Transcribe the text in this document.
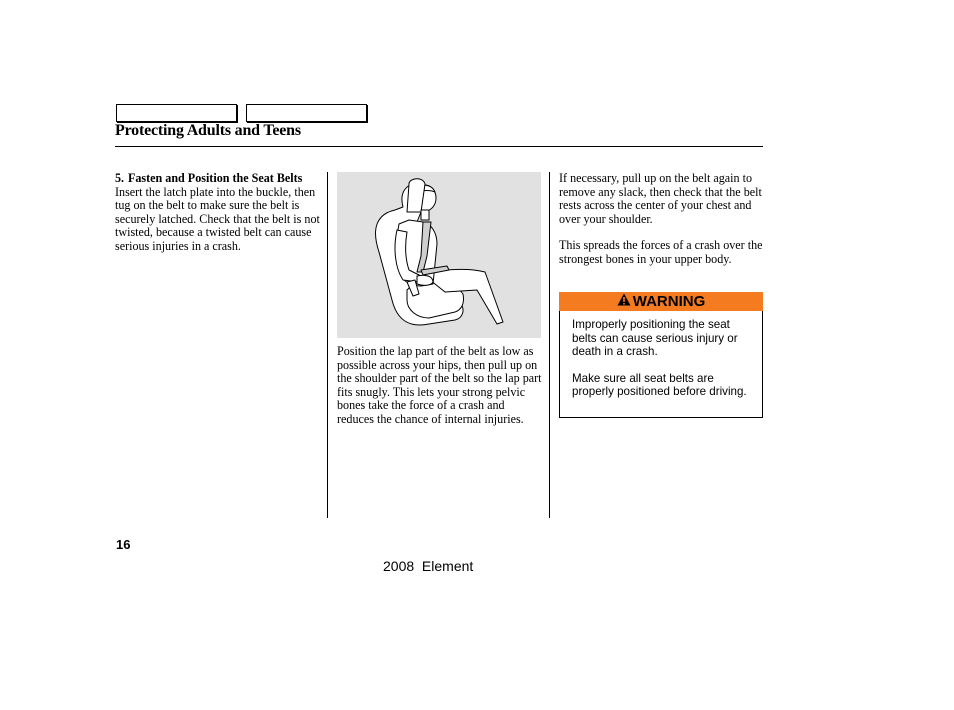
Protecting Adults and Teens
5. Fasten and Position the Seat Belts
Insert the latch plate into the buckle, then tug on the belt to make sure the belt is securely latched. Check that the belt is not twisted, because a twisted belt can cause serious injuries in a crash.
Position the lap part of the belt as low as possible across your hips, then pull up on the shoulder part of the belt so the lap part fits snugly. This lets your strong pelvic bones take the force of a crash and reduces the chance of internal injuries.

If necessary, pull up on the belt again to remove any slack, then check that the belt rests across the center of your chest and over your shoulder.

This spreads the forces of a crash over the strongest bones in your upper body.

WARNING

Improperly positioning the seat belts can cause serious injury or death in a crash.

Make sure all seat belts are properly positioned before driving.

16
2008  Element
